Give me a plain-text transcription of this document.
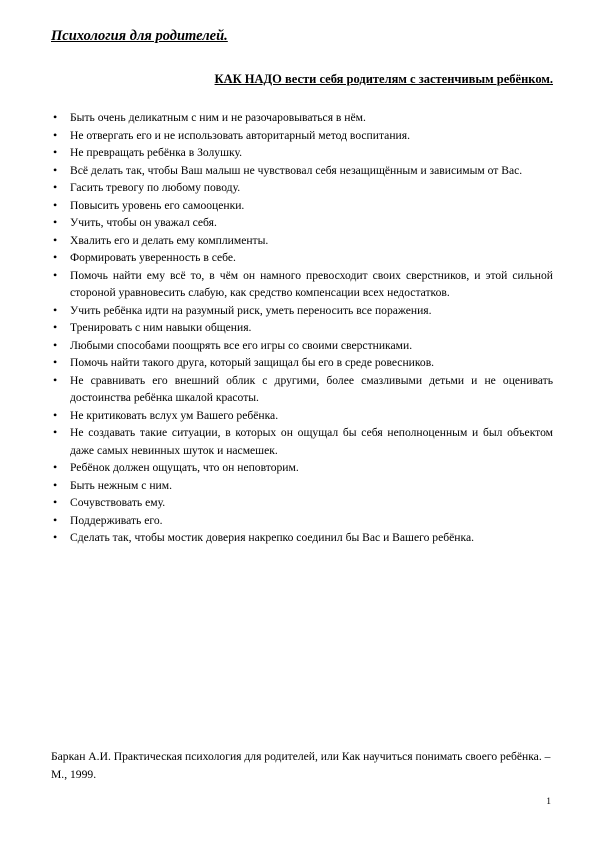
Психология для родителей.
КАК НАДО вести себя родителям с застенчивым ребёнком.
• Быть очень деликатным с ним и не разочаровываться в нём.
• Не отвергать его и не использовать авторитарный метод воспитания.
• Не превращать ребёнка в Золушку.
• Всё делать так, чтобы Ваш малыш не чувствовал себя незащищённым и зависимым от Вас.
• Гасить тревогу по любому поводу.
• Повысить уровень его самооценки.
• Учить, чтобы он уважал себя.
• Хвалить его и делать ему комплименты.
• Формировать уверенность в себе.
• Помочь найти ему всё то, в чём он намного превосходит своих сверстников, и этой сильной стороной уравновесить слабую, как средство компенсации всех недостатков.
• Учить ребёнка идти на разумный риск, уметь переносить все поражения.
• Тренировать с ним навыки общения.
• Любыми способами поощрять все его игры со своими сверстниками.
• Помочь найти такого друга, который защищал бы его в среде ровесников.
• Не сравнивать его внешний облик с другими, более смазливыми детьми и не оценивать достоинства ребёнка шкалой красоты.
• Не критиковать вслух ум Вашего ребёнка.
• Не создавать такие ситуации, в которых он ощущал бы себя неполноценным и был объектом даже самых невинных шуток и насмешек.
• Ребёнок должен ощущать, что он неповторим.
• Быть нежным с ним.
• Сочувствовать ему.
• Поддерживать его.
• Сделать так, чтобы мостик доверия накрепко соединил бы Вас и Вашего ребёнка.

Баркан А.И. Практическая психология для родителей, или Как научиться понимать своего ребёнка. – М., 1999.

1
